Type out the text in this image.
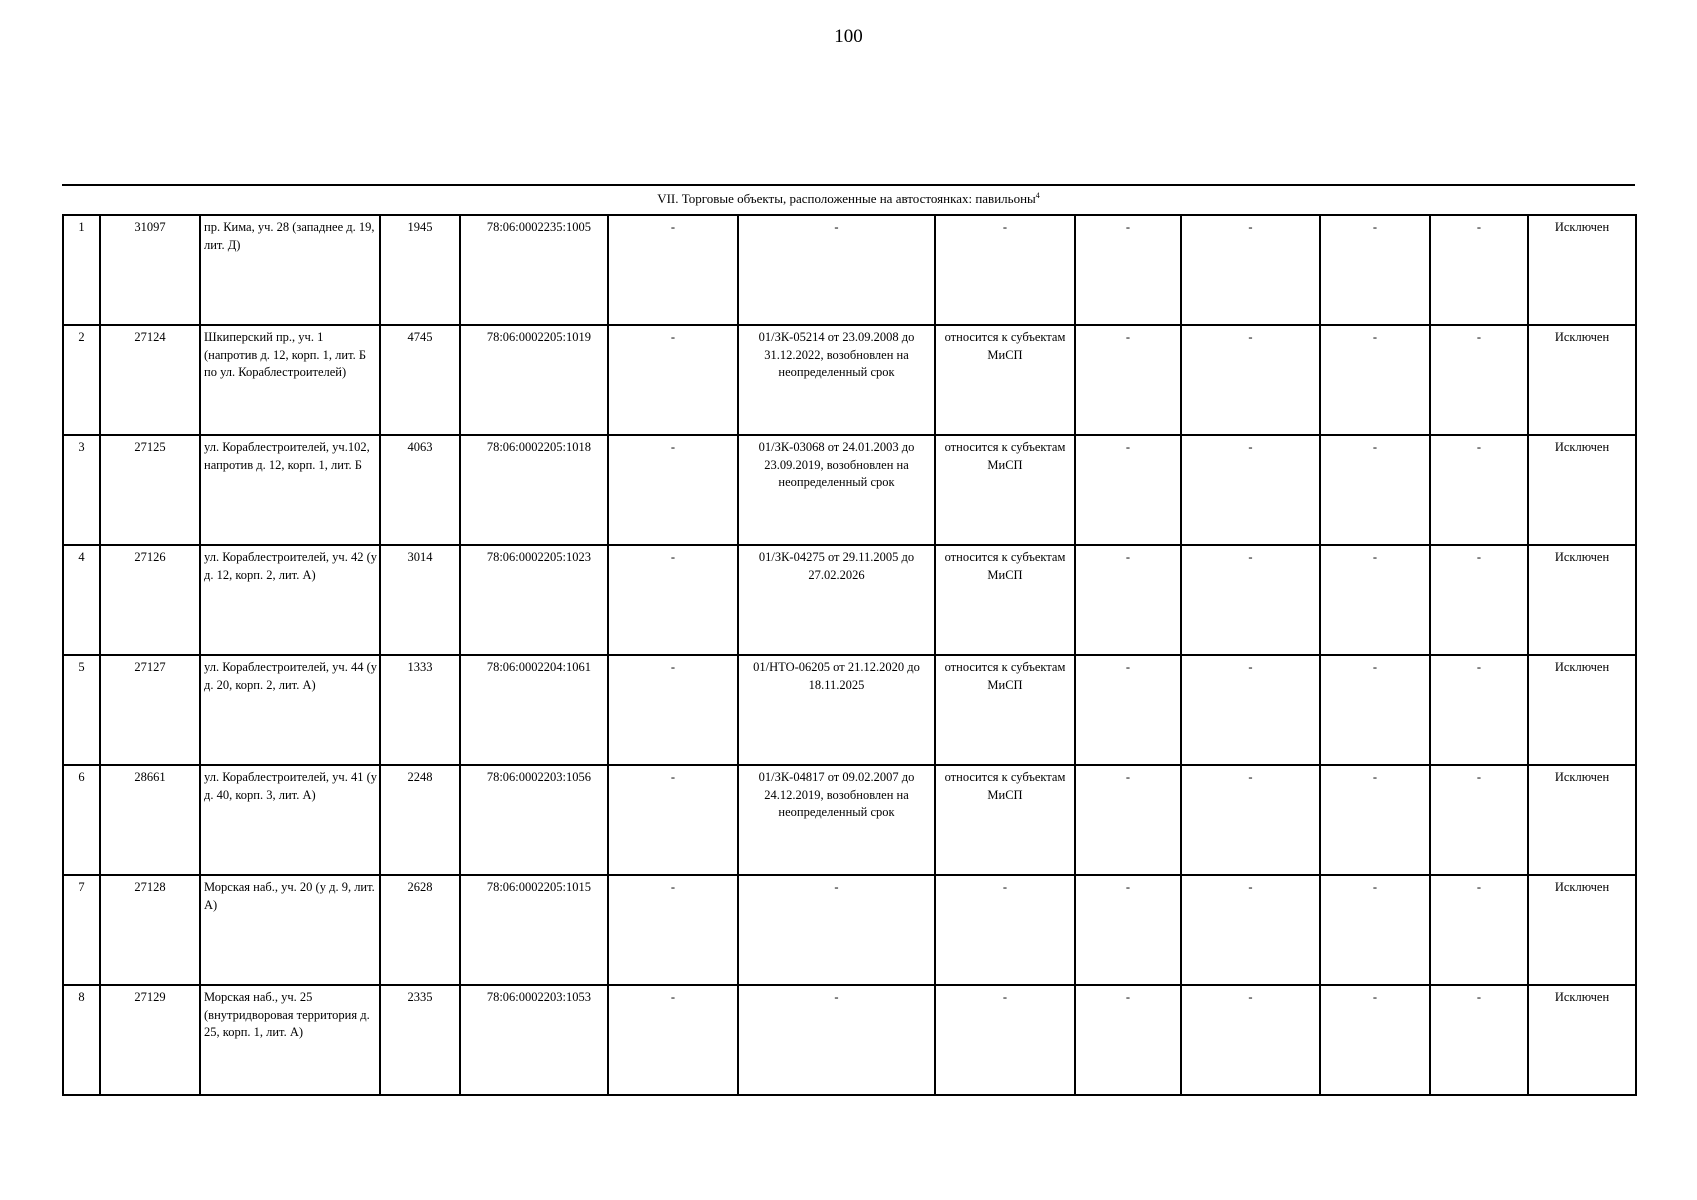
100
VII. Торговые объекты, расположенные на автостоянках: павильоны$^4$
1	31097	пр. Кима, уч. 28 (западнее д. 19, лит. Д)	1945	78:06:0002235:1005	-	-	-	-	-	-	-	Исключен
2	27124	Шкиперский пр., уч. 1 (напротив д. 12, корп. 1, лит. Б по ул. Кораблестроителей)	4745	78:06:0002205:1019	-	01/ЗК-05214 от 23.09.2008 до 31.12.2022, возобновлен на неопределенный срок	относится к субъектам МиСП	-	-	-	-	Исключен
3	27125	ул. Кораблестроителей, уч.102, напротив д. 12, корп. 1, лит. Б	4063	78:06:0002205:1018	-	01/ЗК-03068 от 24.01.2003 до 23.09.2019, возобновлен на неопределенный срок	относится к субъектам МиСП	-	-	-	-	Исключен
4	27126	ул. Кораблестроителей, уч. 42 (у д. 12, корп. 2, лит. А)	3014	78:06:0002205:1023	-	01/ЗК-04275 от 29.11.2005 до 27.02.2026	относится к субъектам МиСП	-	-	-	-	Исключен
5	27127	ул. Кораблестроителей, уч. 44 (у д. 20, корп. 2, лит. А)	1333	78:06:0002204:1061	-	01/НТО-06205 от 21.12.2020 до 18.11.2025	относится к субъектам МиСП	-	-	-	-	Исключен
6	28661	ул. Кораблестроителей, уч. 41 (у д. 40, корп. 3, лит. А)	2248	78:06:0002203:1056	-	01/ЗК-04817 от 09.02.2007 до 24.12.2019, возобновлен на неопределенный срок	относится к субъектам МиСП	-	-	-	-	Исключен
7	27128	Морская наб., уч. 20 (у д. 9, лит. А)	2628	78:06:0002205:1015	-	-	-	-	-	-	-	Исключен
8	27129	Морская наб., уч. 25 (внутридворовая территория д. 25, корп. 1, лит. А)	2335	78:06:0002203:1053	-	-	-	-	-	-	-	Исключен
